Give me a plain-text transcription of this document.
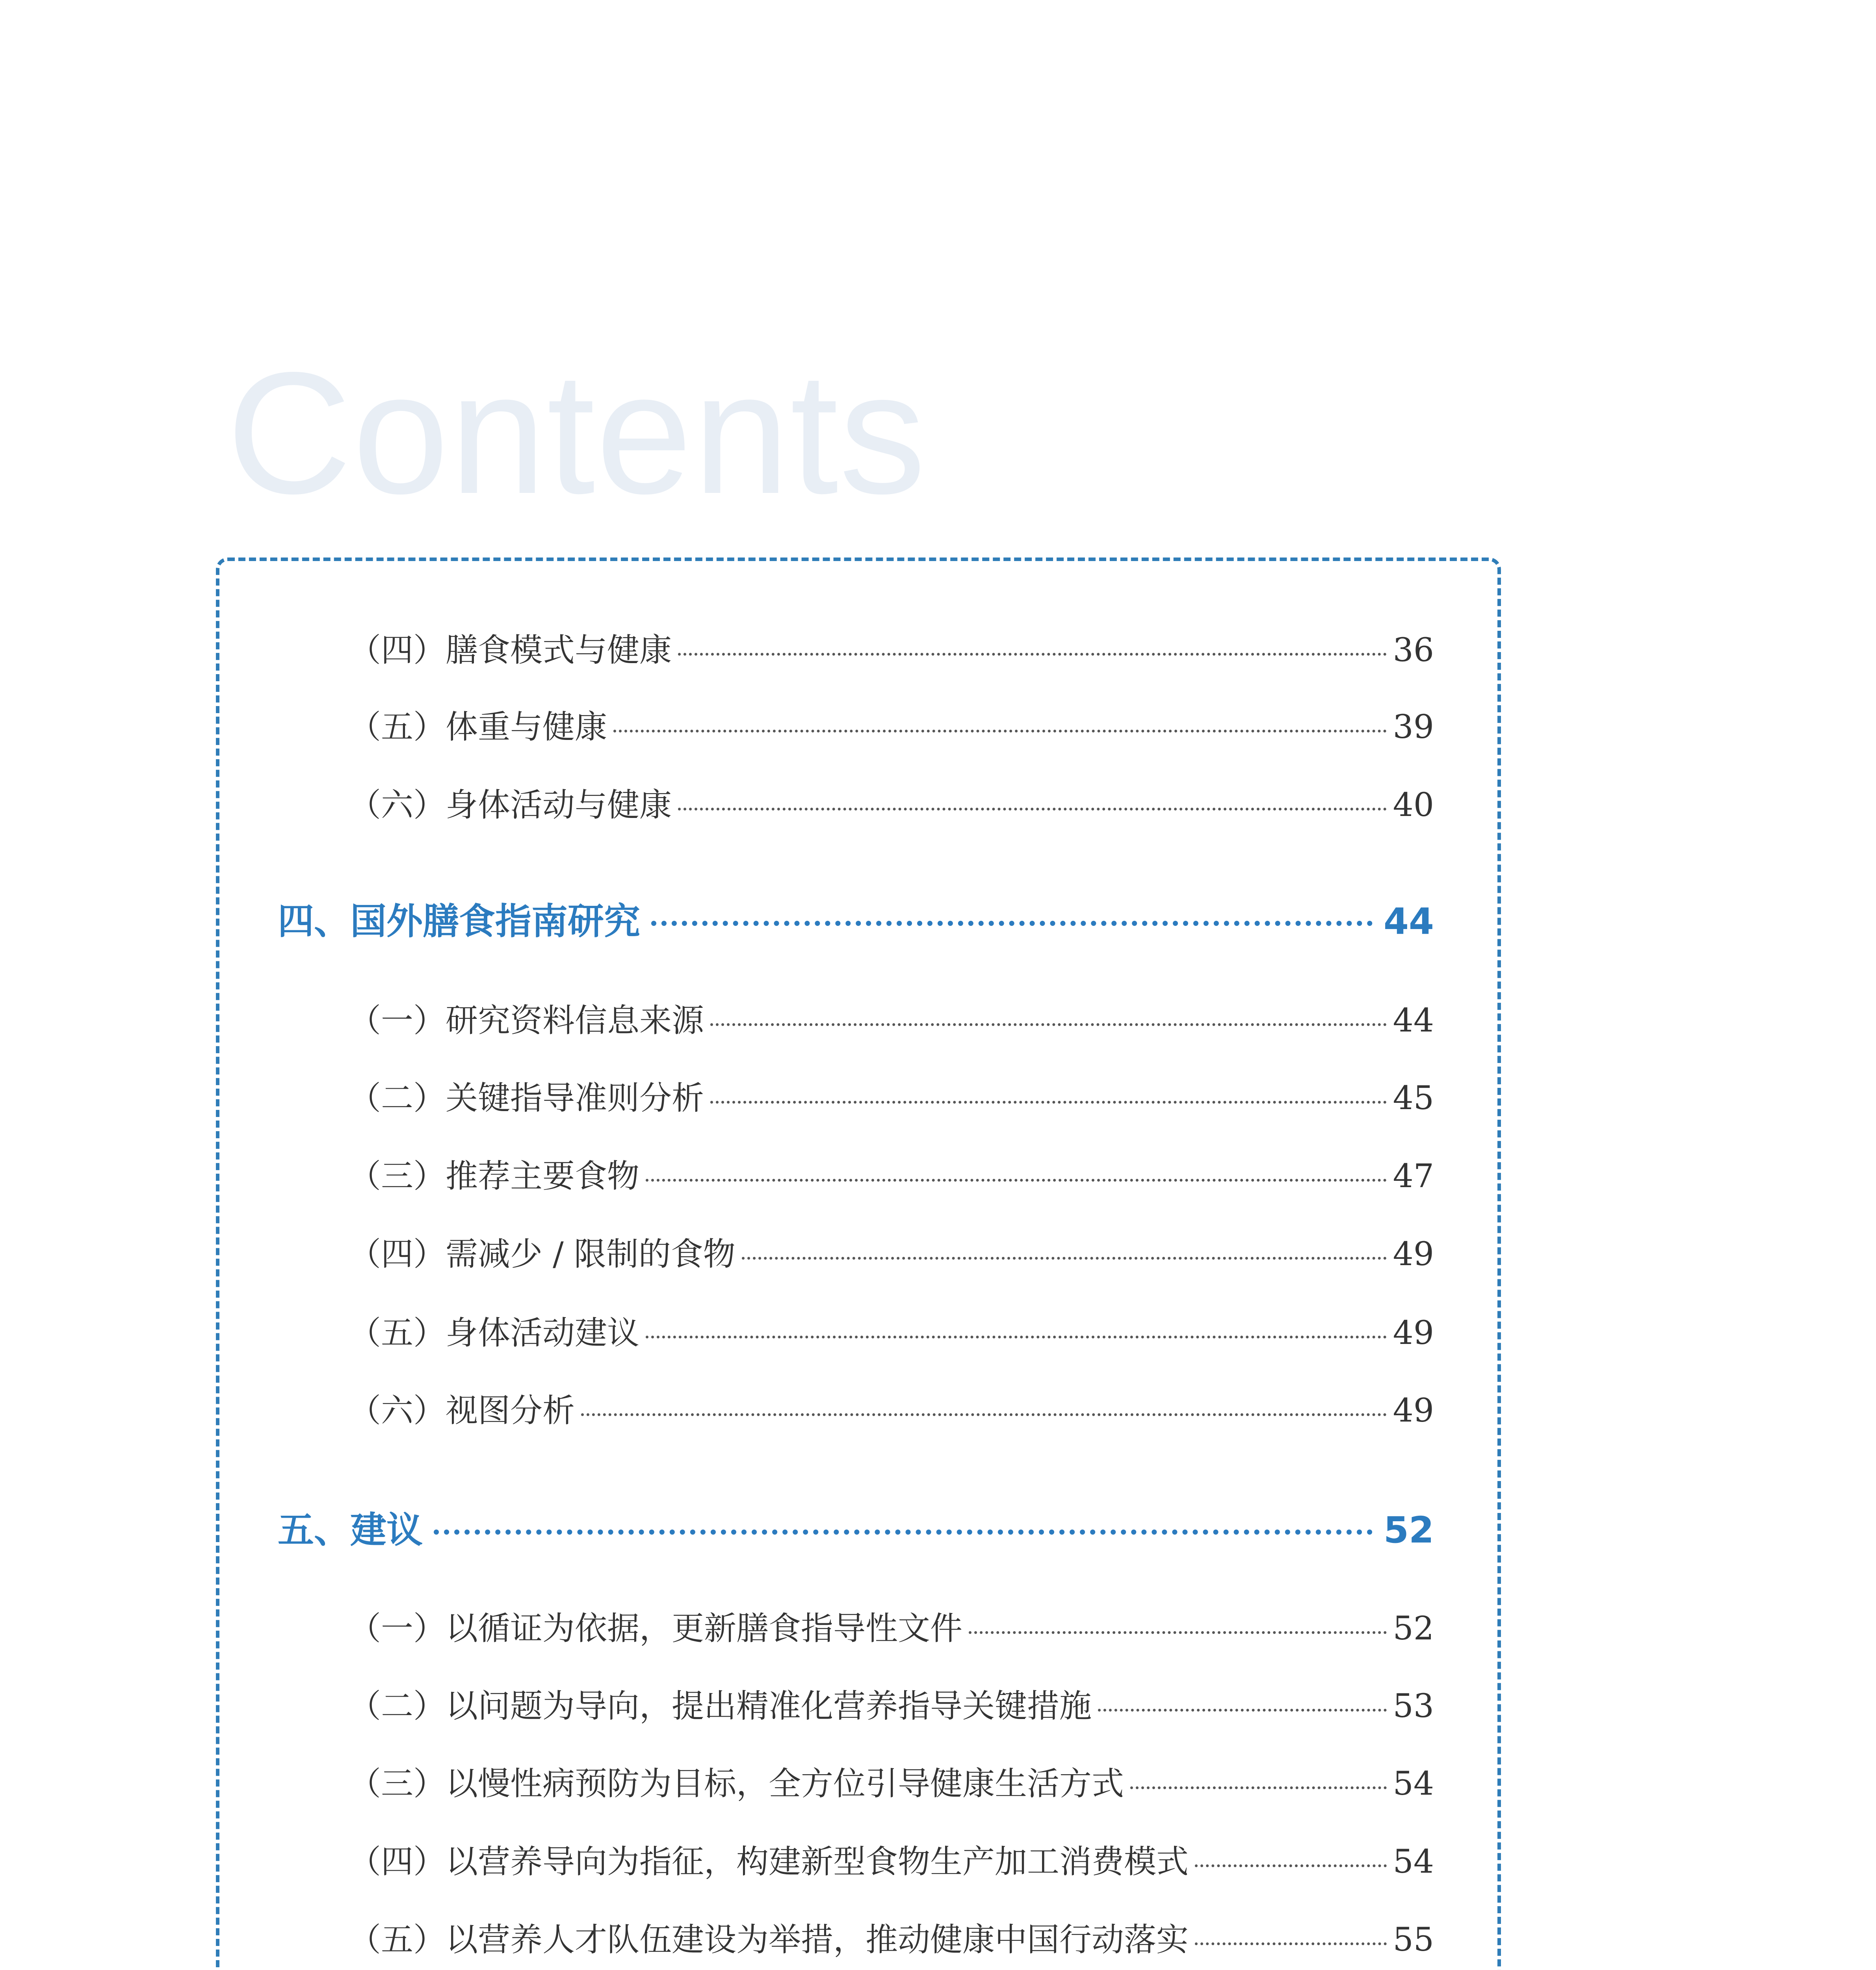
Contents
（四）膳食模式与健康	36
（五）体重与健康	39
（六）身体活动与健康	40
四、国外膳食指南研究	44
（一）研究资料信息来源	44
（二）关键指导准则分析	45
（三）推荐主要食物	47
（四）需减少 / 限制的食物	49
（五）身体活动建议	49
（六）视图分析	49
五、建议	52
（一）以循证为依据，更新膳食指导性文件	52
（二）以问题为导向，提出精准化营养指导关键措施	53
（三）以慢性病预防为目标，全方位引导健康生活方式	54
（四）以营养导向为指征，构建新型食物生产加工消费模式	54
（五）以营养人才队伍建设为举措，推动健康中国行动落实	55
